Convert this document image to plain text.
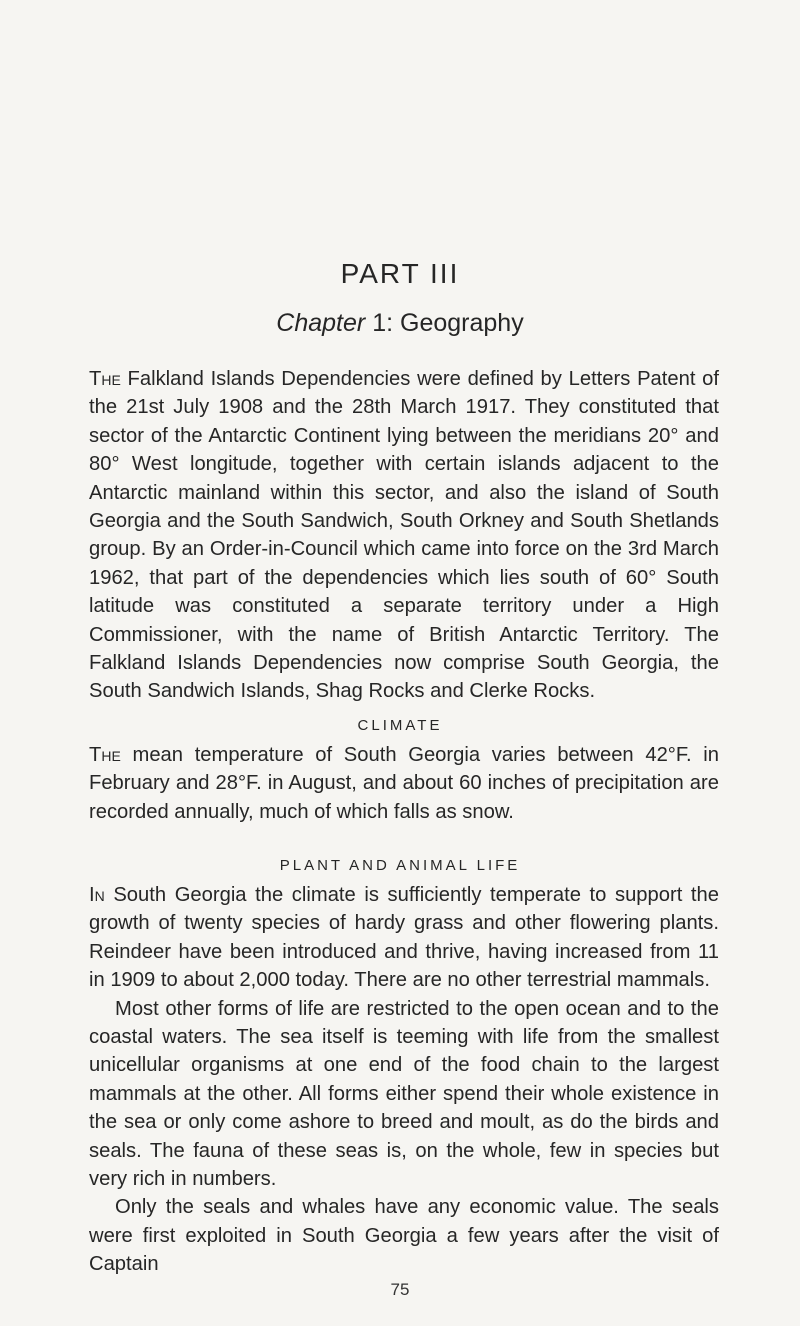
PART III
Chapter 1: Geography

The Falkland Islands Dependencies were defined by Letters Patent of the 21st July 1908 and the 28th March 1917. They constituted that sector of the Antarctic Continent lying between the meridians 20° and 80° West longitude, together with certain islands adjacent to the Antarctic mainland within this sector, and also the island of South Georgia and the South Sandwich, South Orkney and South Shetlands group. By an Order-in-Council which came into force on the 3rd March 1962, that part of the dependencies which lies south of 60° South latitude was constituted a separate territory under a High Commissioner, with the name of British Antarctic Territory. The Falkland Islands Dependencies now comprise South Georgia, the South Sandwich Islands, Shag Rocks and Clerke Rocks.

CLIMATE

The mean temperature of South Georgia varies between 42°F. in February and 28°F. in August, and about 60 inches of precipitation are recorded annually, much of which falls as snow.

PLANT AND ANIMAL LIFE

In South Georgia the climate is sufficiently temperate to support the growth of twenty species of hardy grass and other flowering plants. Reindeer have been introduced and thrive, having increased from 11 in 1909 to about 2,000 today. There are no other terrestrial mammals.

Most other forms of life are restricted to the open ocean and to the coastal waters. The sea itself is teeming with life from the smallest unicellular organisms at one end of the food chain to the largest mammals at the other. All forms either spend their whole existence in the sea or only come ashore to breed and moult, as do the birds and seals. The fauna of these seas is, on the whole, few in species but very rich in numbers.

Only the seals and whales have any economic value. The seals were first exploited in South Georgia a few years after the visit of Captain

75
